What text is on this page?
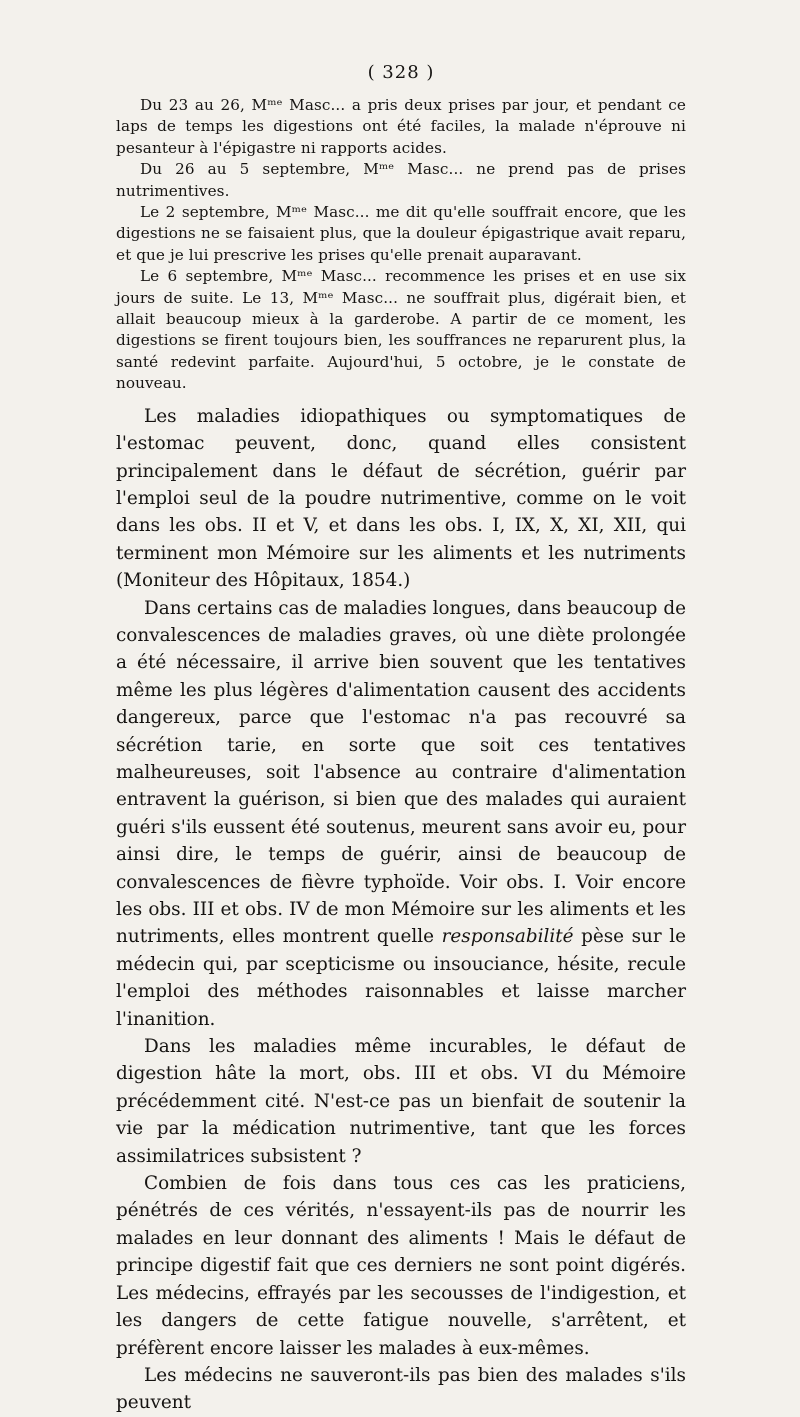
( 328 )

Du 23 au 26, Mᵐᵉ Masc... a pris deux prises par jour, et pendant ce laps de temps les digestions ont été faciles, la malade n'éprouve ni pesanteur à l'épigastre ni rapports acides.

Du 26 au 5 septembre, Mᵐᵉ Masc... ne prend pas de prises nutrimentives.

Le 2 septembre, Mᵐᵉ Masc... me dit qu'elle souffrait encore, que les digestions ne se faisaient plus, que la douleur épigastrique avait reparu, et que je lui prescrive les prises qu'elle prenait auparavant.

Le 6 septembre, Mᵐᵉ Masc... recommence les prises et en use six jours de suite. Le 13, Mᵐᵉ Masc... ne souffrait plus, digérait bien, et allait beaucoup mieux à la garderobe. A partir de ce moment, les digestions se firent toujours bien, les souffrances ne reparurent plus, la santé redevint parfaite. Aujourd'hui, 5 octobre, je le constate de nouveau.

Les maladies idiopathiques ou symptomatiques de l'estomac peuvent, donc, quand elles consistent principalement dans le défaut de sécrétion, guérir par l'emploi seul de la poudre nutrimentive, comme on le voit dans les obs. II et V, et dans les obs. I, IX, X, XI, XII, qui terminent mon Mémoire sur les aliments et les nutriments (Moniteur des Hôpitaux, 1854.)

Dans certains cas de maladies longues, dans beaucoup de convalescences de maladies graves, où une diète prolongée a été nécessaire, il arrive bien souvent que les tentatives même les plus légères d'alimentation causent des accidents dangereux, parce que l'estomac n'a pas recouvré sa sécrétion tarie, en sorte que soit ces tentatives malheureuses, soit l'absence au contraire d'alimentation entravent la guérison, si bien que des malades qui auraient guéri s'ils eussent été soutenus, meurent sans avoir eu, pour ainsi dire, le temps de guérir, ainsi de beaucoup de convalescences de fièvre typhoïde. Voir obs. I. Voir encore les obs. III et obs. IV de mon Mémoire sur les aliments et les nutriments, elles montrent quelle responsabilité pèse sur le médecin qui, par scepticisme ou insouciance, hésite, recule l'emploi des méthodes raisonnables et laisse marcher l'inanition.

Dans les maladies même incurables, le défaut de digestion hâte la mort, obs. III et obs. VI du Mémoire précédemment cité. N'est-ce pas un bienfait de soutenir la vie par la médication nutrimentive, tant que les forces assimilatrices subsistent ?

Combien de fois dans tous ces cas les praticiens, pénétrés de ces vérités, n'essayent-ils pas de nourrir les malades en leur donnant des aliments ! Mais le défaut de principe digestif fait que ces derniers ne sont point digérés. Les médecins, effrayés par les secousses de l'indigestion, et les dangers de cette fatigue nouvelle, s'arrêtent, et préfèrent encore laisser les malades à eux-mêmes.

Les médecins ne sauveront-ils pas bien des malades s'ils peuvent
